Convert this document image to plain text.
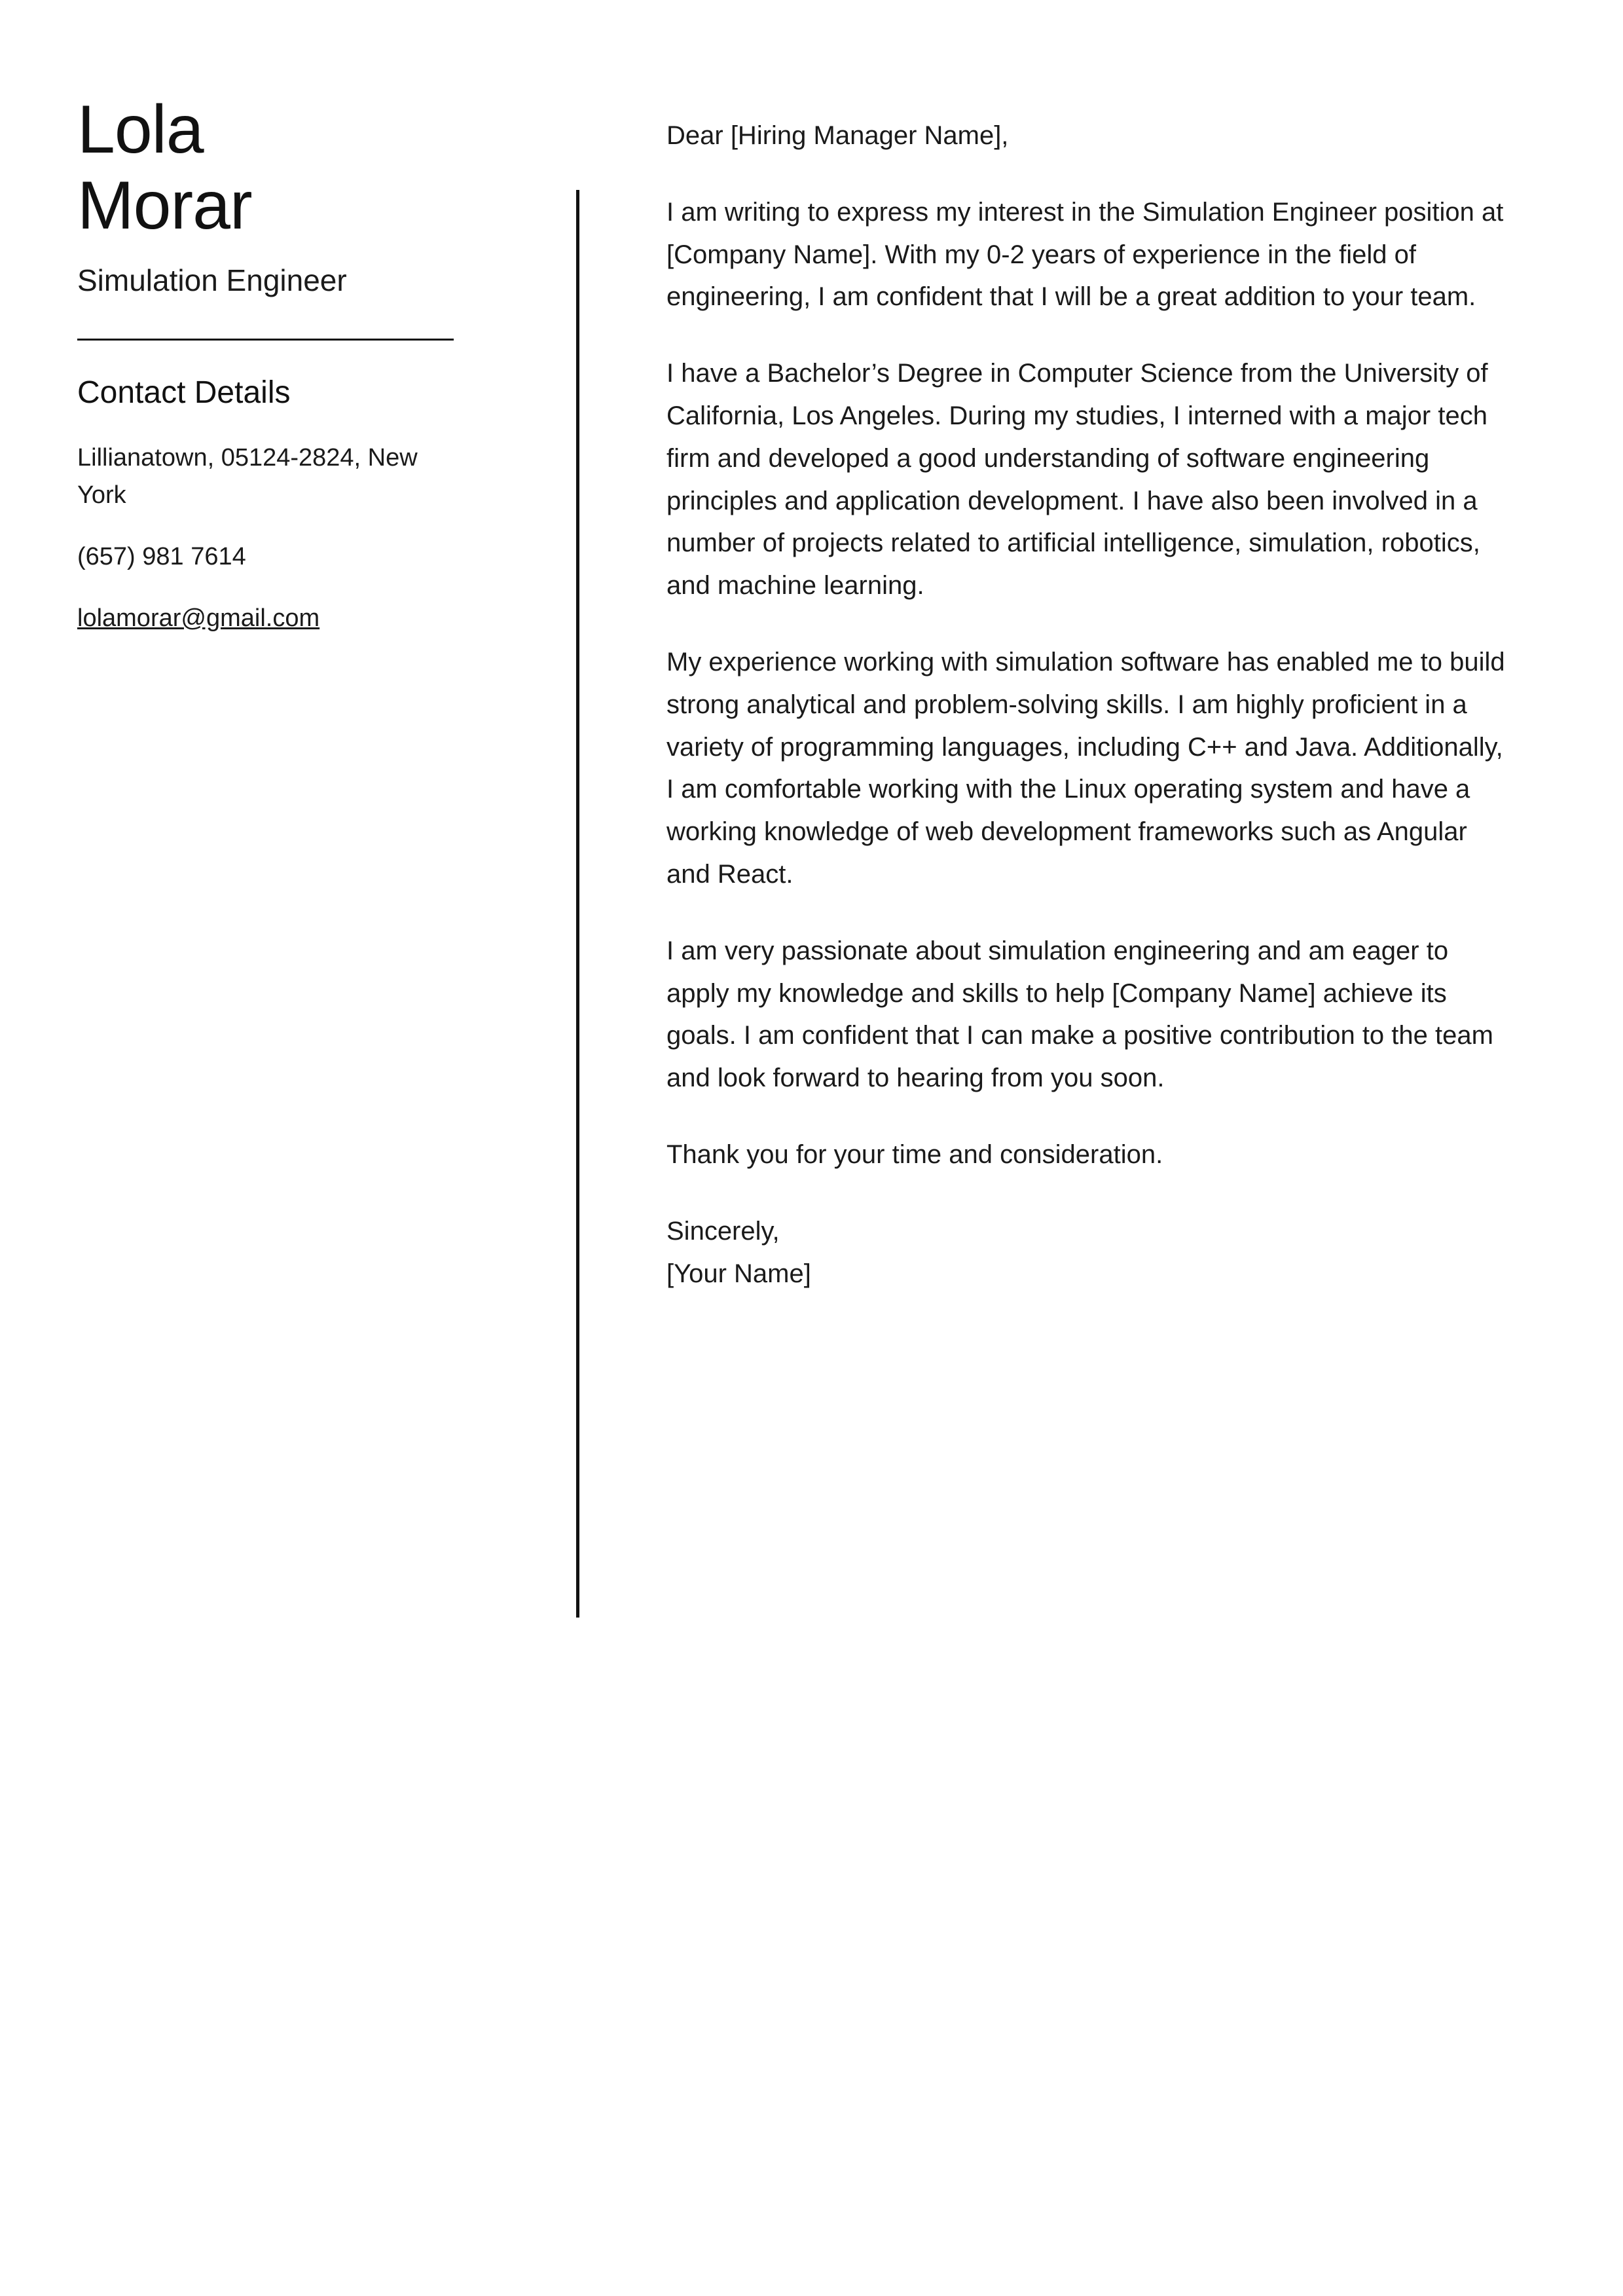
Lola
Morar
Simulation Engineer
Contact Details
Lillianatown, 05124-2824, New York
(657) 981 7614
lolamorar@gmail.com

Dear [Hiring Manager Name],

I am writing to express my interest in the Simulation Engineer position at [Company Name]. With my 0-2 years of experience in the field of engineering, I am confident that I will be a great addition to your team.

I have a Bachelor’s Degree in Computer Science from the University of California, Los Angeles. During my studies, I interned with a major tech firm and developed a good understanding of software engineering principles and application development. I have also been involved in a number of projects related to artificial intelligence, simulation, robotics, and machine learning.

My experience working with simulation software has enabled me to build strong analytical and problem-solving skills. I am highly proficient in a variety of programming languages, including C++ and Java. Additionally, I am comfortable working with the Linux operating system and have a working knowledge of web development frameworks such as Angular and React.

I am very passionate about simulation engineering and am eager to apply my knowledge and skills to help [Company Name] achieve its goals. I am confident that I can make a positive contribution to the team and look forward to hearing from you soon.

Thank you for your time and consideration.

Sincerely,

[Your Name]
